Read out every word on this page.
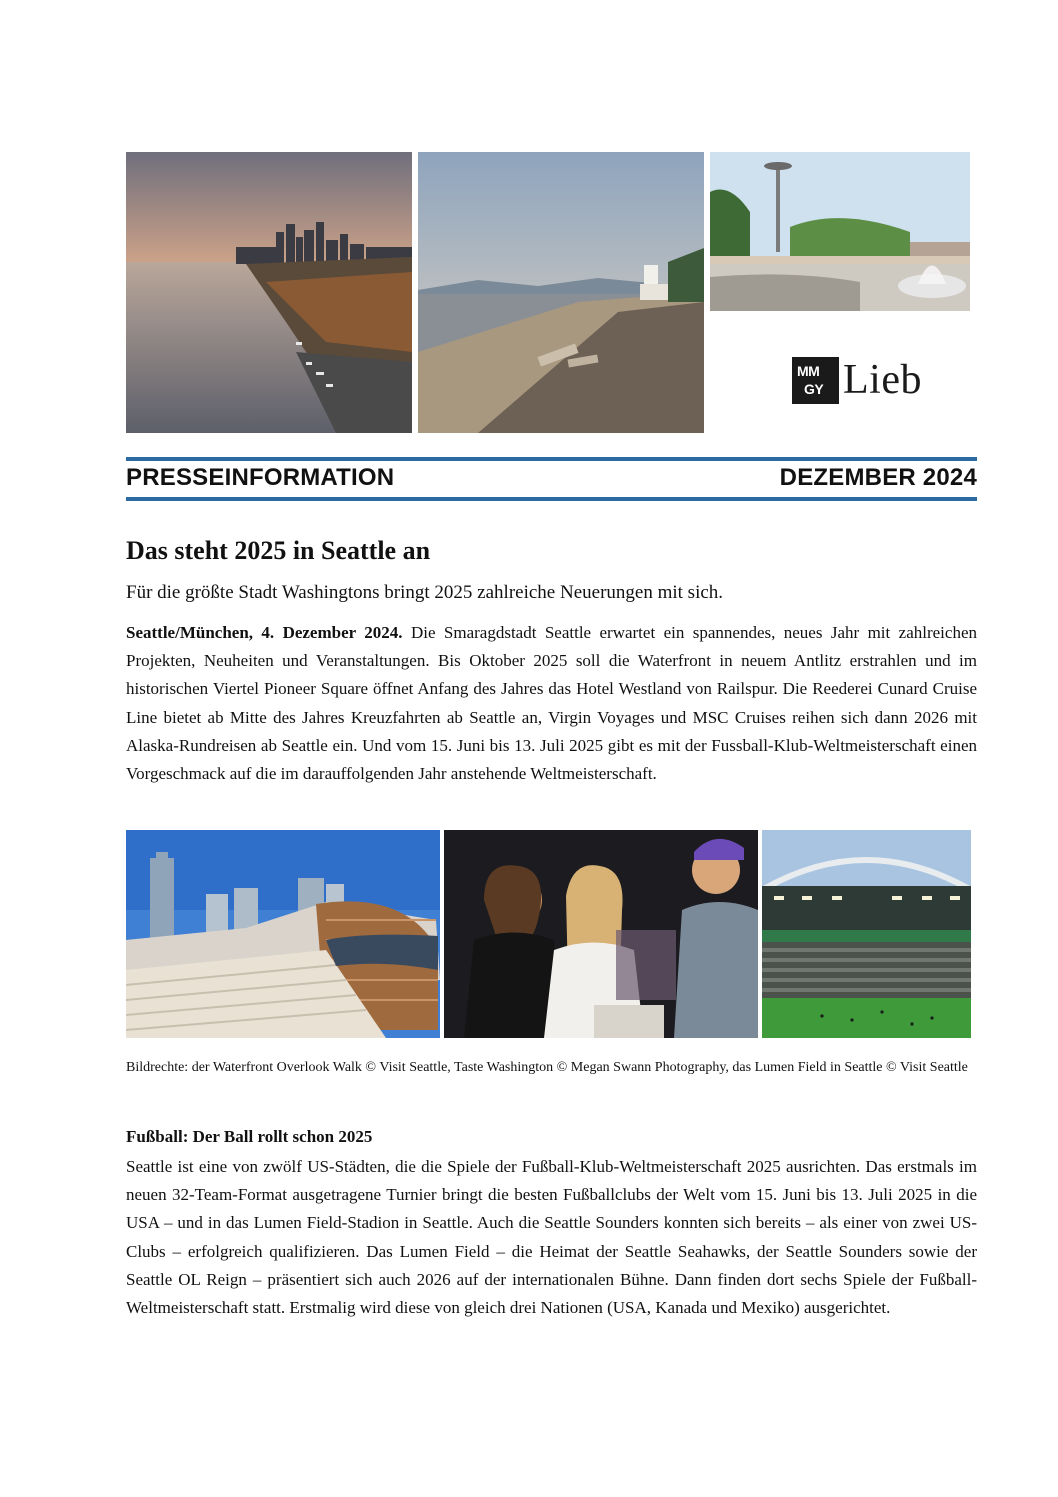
MM
GY Lieb
PRESSEINFORMATION	DEZEMBER 2024
Das steht 2025 in Seattle an
Für die größte Stadt Washingtons bringt 2025 zahlreiche Neuerungen mit sich.
Seattle/München, 4. Dezember 2024. Die Smaragdstadt Seattle erwartet ein spannendes, neues Jahr mit zahlreichen Projekten, Neuheiten und Veranstaltungen. Bis Oktober 2025 soll die Waterfront in neuem Antlitz erstrahlen und im historischen Viertel Pioneer Square öffnet Anfang des Jahres das Hotel Westland von Railspur. Die Reederei Cunard Cruise Line bietet ab Mitte des Jahres Kreuzfahrten ab Seattle an, Virgin Voyages und MSC Cruises reihen sich dann 2026 mit Alaska-Rundreisen ab Seattle ein. Und vom 15. Juni bis 13. Juli 2025 gibt es mit der Fussball-Klub-Weltmeisterschaft einen Vorgeschmack auf die im darauffolgenden Jahr anstehende Weltmeisterschaft.
Bildrechte: der Waterfront Overlook Walk © Visit Seattle, Taste Washington © Megan Swann Photography, das Lumen Field in Seattle © Visit Seattle
Fußball: Der Ball rollt schon 2025
Seattle ist eine von zwölf US-Städten, die die Spiele der Fußball-Klub-Weltmeisterschaft 2025 ausrichten. Das erstmals im neuen 32-Team-Format ausgetragene Turnier bringt die besten Fußballclubs der Welt vom 15. Juni bis 13. Juli 2025 in die USA – und in das Lumen Field-Stadion in Seattle. Auch die Seattle Sounders konnten sich bereits – als einer von zwei US-Clubs – erfolgreich qualifizieren. Das Lumen Field – die Heimat der Seattle Seahawks, der Seattle Sounders sowie der Seattle OL Reign – präsentiert sich auch 2026 auf der internationalen Bühne. Dann finden dort sechs Spiele der Fußball-Weltmeisterschaft statt. Erstmalig wird diese von gleich drei Nationen (USA, Kanada und Mexiko) ausgerichtet.
